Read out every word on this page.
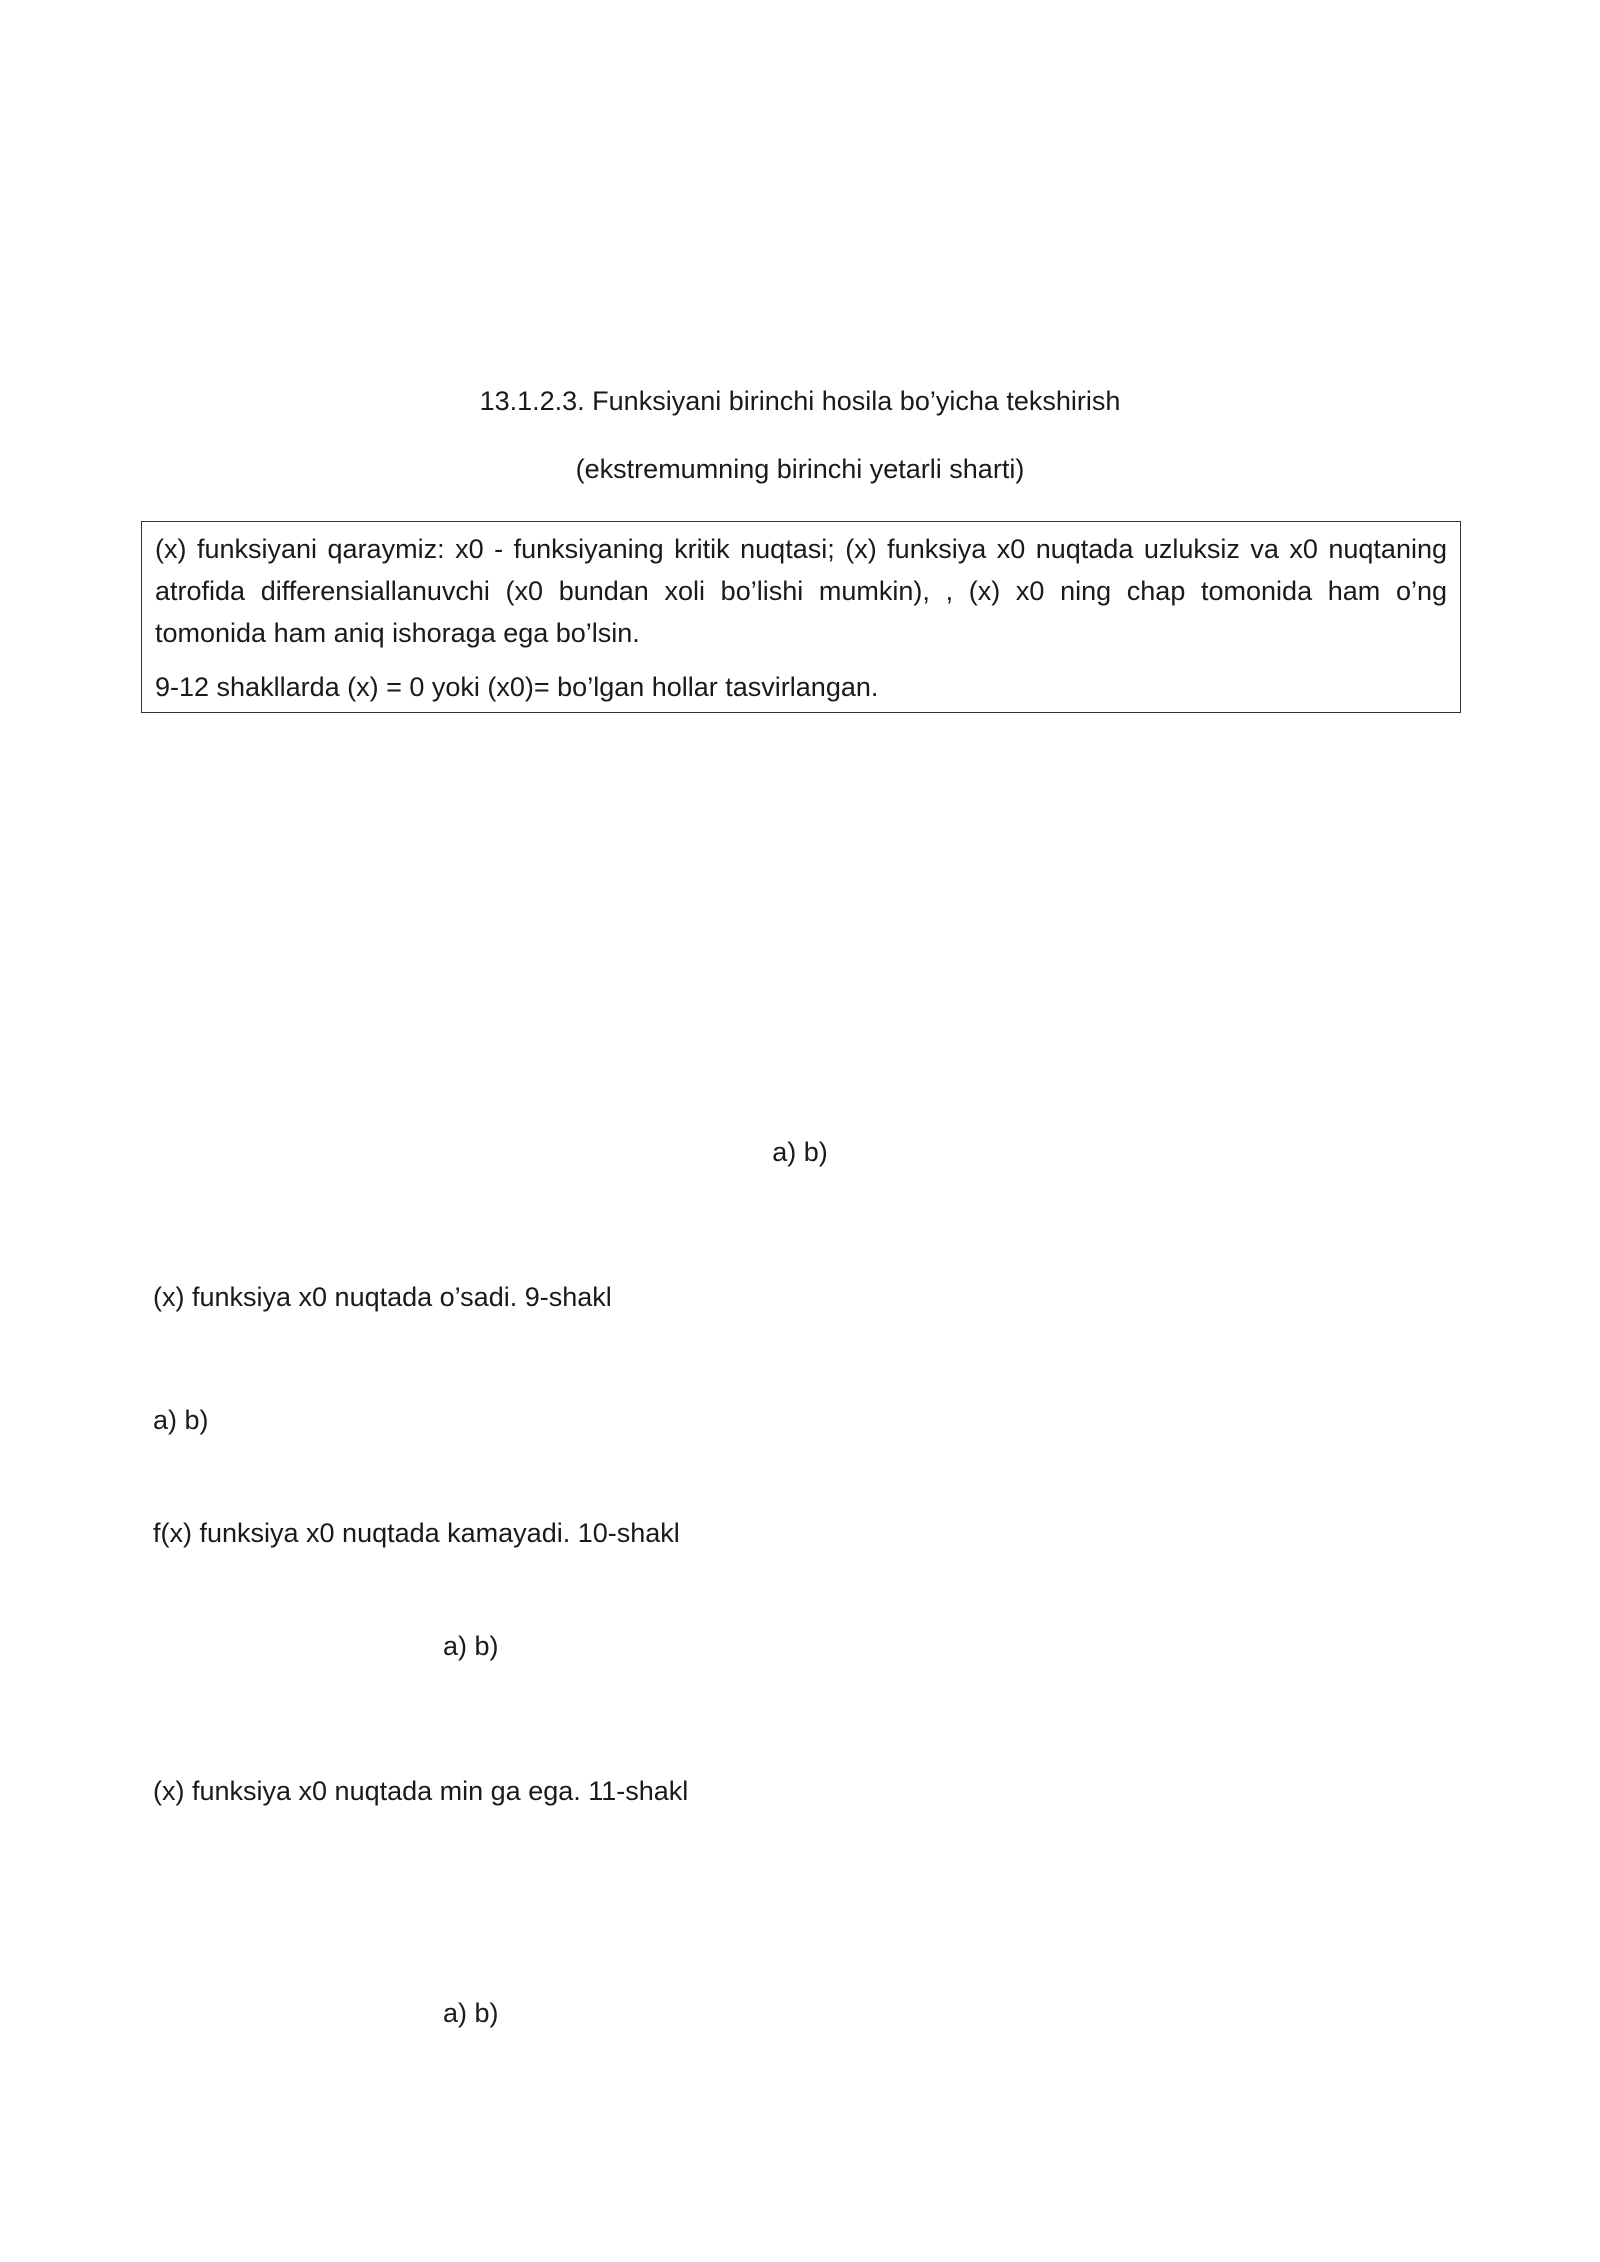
13.1.2.3. Funksiyani birinchi hosila bo’yicha tekshirish
(ekstremumning birinchi yetarli sharti)

(x) funksiyani qaraymiz: x0 - funksiyaning kritik nuqtasi; (x) funksiya x0 nuqtada uzluksiz va x0 nuqtaning atrofida differensiallanuvchi (x0 bundan xoli bo’lishi mumkin), , (x) x0 ning chap tomonida ham o’ng tomonida ham aniq ishoraga ega bo’lsin.

9-12 shakllarda (x) = 0 yoki (x0)= bo’lgan hollar tasvirlangan.

a) b)
(x) funksiya x0 nuqtada o’sadi. 9-shakl
a) b)
f(x) funksiya x0 nuqtada kamayadi. 10-shakl
a) b)
(x) funksiya x0 nuqtada min ga ega. 11-shakl
a) b)
